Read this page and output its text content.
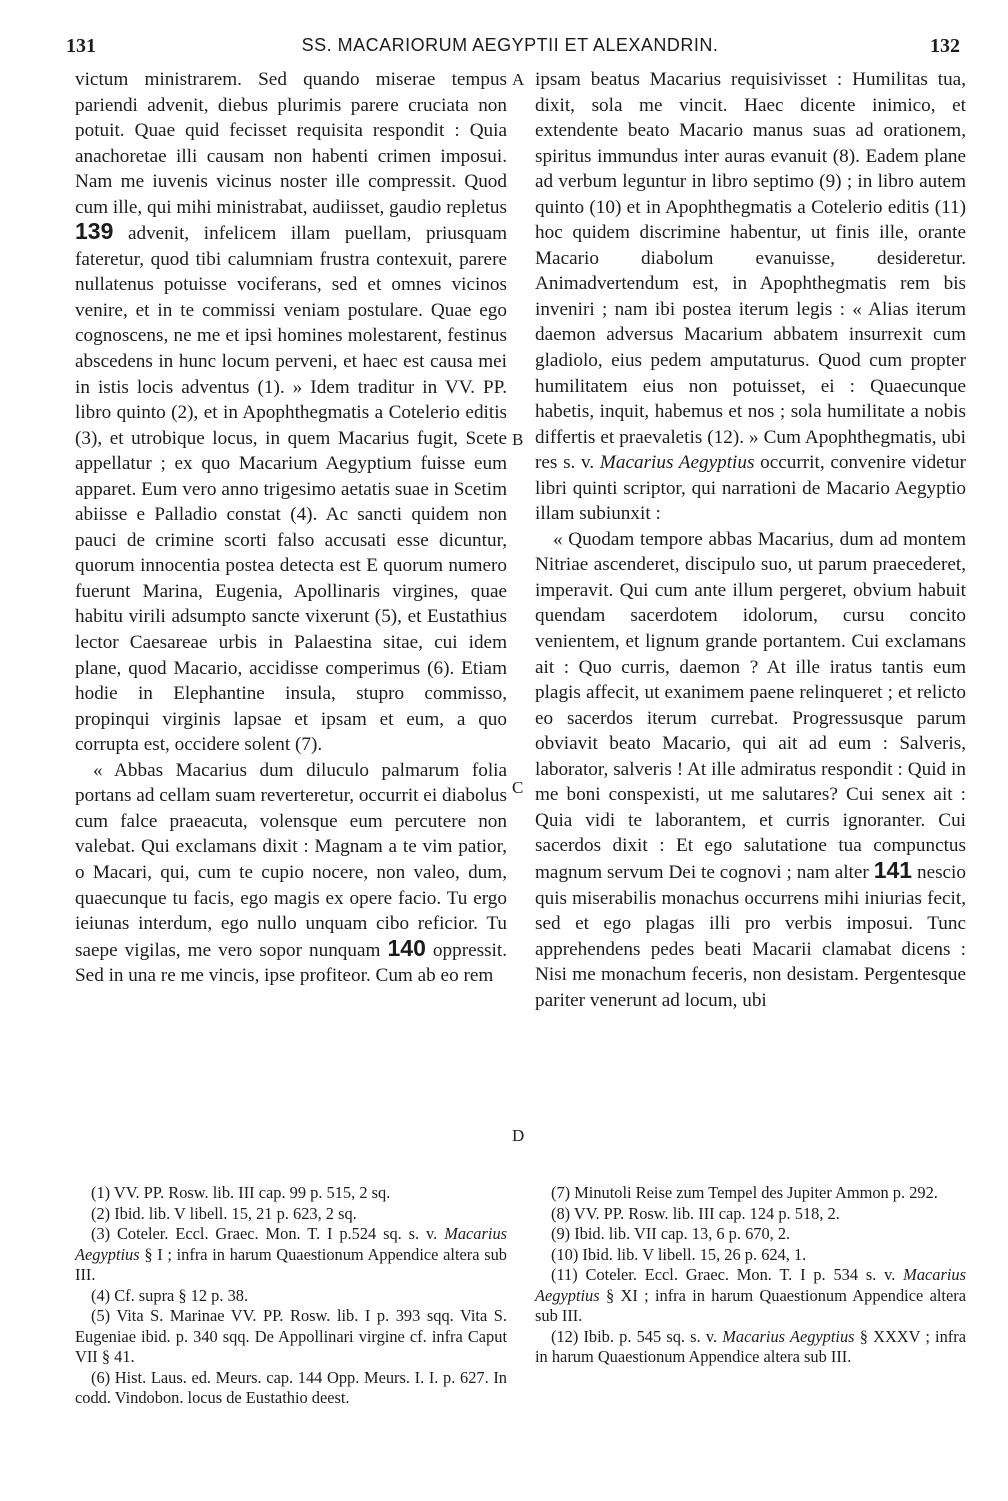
131	SS. MACARIORUM AEGYPTII ET ALEXANDRIN.	132
A
B
C
D

victum ministrarem. Sed quando miserae tempus pariendi advenit, diebus plurimis parere cruciata non potuit. Quae quid fecisset requisita respondit : Quia anachoretae illi causam non habenti crimen imposui. Nam me iuvenis vicinus noster ille compressit. Quod cum ille, qui mihi ministrabat, audiisset, gaudio repletus 139 advenit, infelicem illam puellam, priusquam fateretur, quod tibi calumniam frustra contexuit, parere nullatenus potuisse vociferans, sed et omnes vicinos venire, et in te commissi veniam postulare. Quae ego cognoscens, ne me et ipsi homines molestarent, festinus abscedens in hunc locum perveni, et haec est causa mei in istis locis adventus (1). » Idem traditur in VV. PP. libro quinto (2), et in Apophthegmatis a Cotelerio editis (3), et utrobique locus, in quem Macarius fugit, Scete appellatur ; ex quo Macarium Aegyptium fuisse eum apparet. Eum vero anno trigesimo aetatis suae in Scetim abiisse e Palladio constat (4). Ac sancti quidem non pauci de crimine scorti falso accusati esse dicuntur, quorum innocentia postea detecta est E quorum numero fuerunt Marina, Eugenia, Apollinaris virgines, quae habitu virili adsumpto sancte vixerunt (5), et Eustathius lector Caesareae urbis in Palaestina sitae, cui idem plane, quod Macario, accidisse comperimus (6). Etiam hodie in Elephantine insula, stupro commisso, propinqui virginis lapsae et ipsam et eum, a quo corrupta est, occidere solent (7).

« Abbas Macarius dum diluculo palmarum folia portans ad cellam suam reverteretur, occurrit ei diabolus cum falce praeacuta, volensque eum percutere non valebat. Qui exclamans dixit : Magnam a te vim patior, o Macari, qui, cum te cupio nocere, non valeo, dum, quaecunque tu facis, ego magis ex opere facio. Tu ergo ieiunas interdum, ego nullo unquam cibo reficior. Tu saepe vigilas, me vero sopor nunquam 140 oppressit. Sed in una re me vincis, ipse profiteor. Cum ab eo rem

ipsam beatus Macarius requisivisset : Humilitas tua, dixit, sola me vincit. Haec dicente inimico, et extendente beato Macario manus suas ad orationem, spiritus immundus inter auras evanuit (8). Eadem plane ad verbum leguntur in libro septimo (9) ; in libro autem quinto (10) et in Apophthegmatis a Cotelerio editis (11) hoc quidem discrimine habentur, ut finis ille, orante Macario diabolum evanuisse, desideretur. Animadvertendum est, in Apophthegmatis rem bis inveniri ; nam ibi postea iterum legis : « Alias iterum daemon adversus Macarium abbatem insurrexit cum gladiolo, eius pedem amputaturus. Quod cum propter humilitatem eius non potuisset, ei : Quaecunque habetis, inquit, habemus et nos ; sola humilitate a nobis differtis et praevaletis (12). » Cum Apophthegmatis, ubi res s. v. Macarius Aegyptius occurrit, convenire videtur libri quinti scriptor, qui narrationi de Macario Aegyptio illam subiunxit :

« Quodam tempore abbas Macarius, dum ad montem Nitriae ascenderet, discipulo suo, ut parum praecederet, imperavit. Qui cum ante illum pergeret, obvium habuit quendam sacerdotem idolorum, cursu concito venientem, et lignum grande portantem. Cui exclamans ait : Quo curris, daemon ? At ille iratus tantis eum plagis affecit, ut exanimem paene relinqueret ; et relicto eo sacerdos iterum currebat. Progressusque parum obviavit beato Macario, qui ait ad eum : Salveris, laborator, salveris ! At ille admiratus respondit : Quid in me boni conspexisti, ut me salutares? Cui senex ait : Quia vidi te laborantem, et curris ignoranter. Cui sacerdos dixit : Et ego salutatione tua compunctus magnum servum Dei te cognovi ; nam alter 141 nescio quis miserabilis monachus occurrens mihi iniurias fecit, sed et ego plagas illi pro verbis imposui. Tunc apprehendens pedes beati Macarii clamabat dicens : Nisi me monachum feceris, non desistam. Pergentesque pariter venerunt ad locum, ubi

(1) VV. PP. Rosw. lib. III cap. 99 p. 515, 2 sq.

(2) Ibid. lib. V libell. 15, 21 p. 623, 2 sq.

(3) Coteler. Eccl. Graec. Mon. T. I p.524 sq. s. v. Macarius Aegyptius § I ; infra in harum Quaestionum Appendice altera sub III.

(4) Cf. supra § 12 p. 38.

(5) Vita S. Marinae VV. PP. Rosw. lib. I p. 393 sqq. Vita S. Eugeniae ibid. p. 340 sqq. De Appollinari virgine cf. infra Caput VII § 41.

(6) Hist. Laus. ed. Meurs. cap. 144 Opp. Meurs. I. I. p. 627. In codd. Vindobon. locus de Eustathio deest.

(7) Minutoli Reise zum Tempel des Jupiter Ammon p. 292.

(8) VV. PP. Rosw. lib. III cap. 124 p. 518, 2.

(9) Ibid. lib. VII cap. 13, 6 p. 670, 2.

(10) Ibid. lib. V libell. 15, 26 p. 624, 1.

(11) Coteler. Eccl. Graec. Mon. T. I p. 534 s. v. Macarius Aegyptius § XI ; infra in harum Quaestionum Appendice altera sub III.

(12) Ibib. p. 545 sq. s. v. Macarius Aegyptius § XXXV ; infra in harum Quaestionum Appendice altera sub III.
